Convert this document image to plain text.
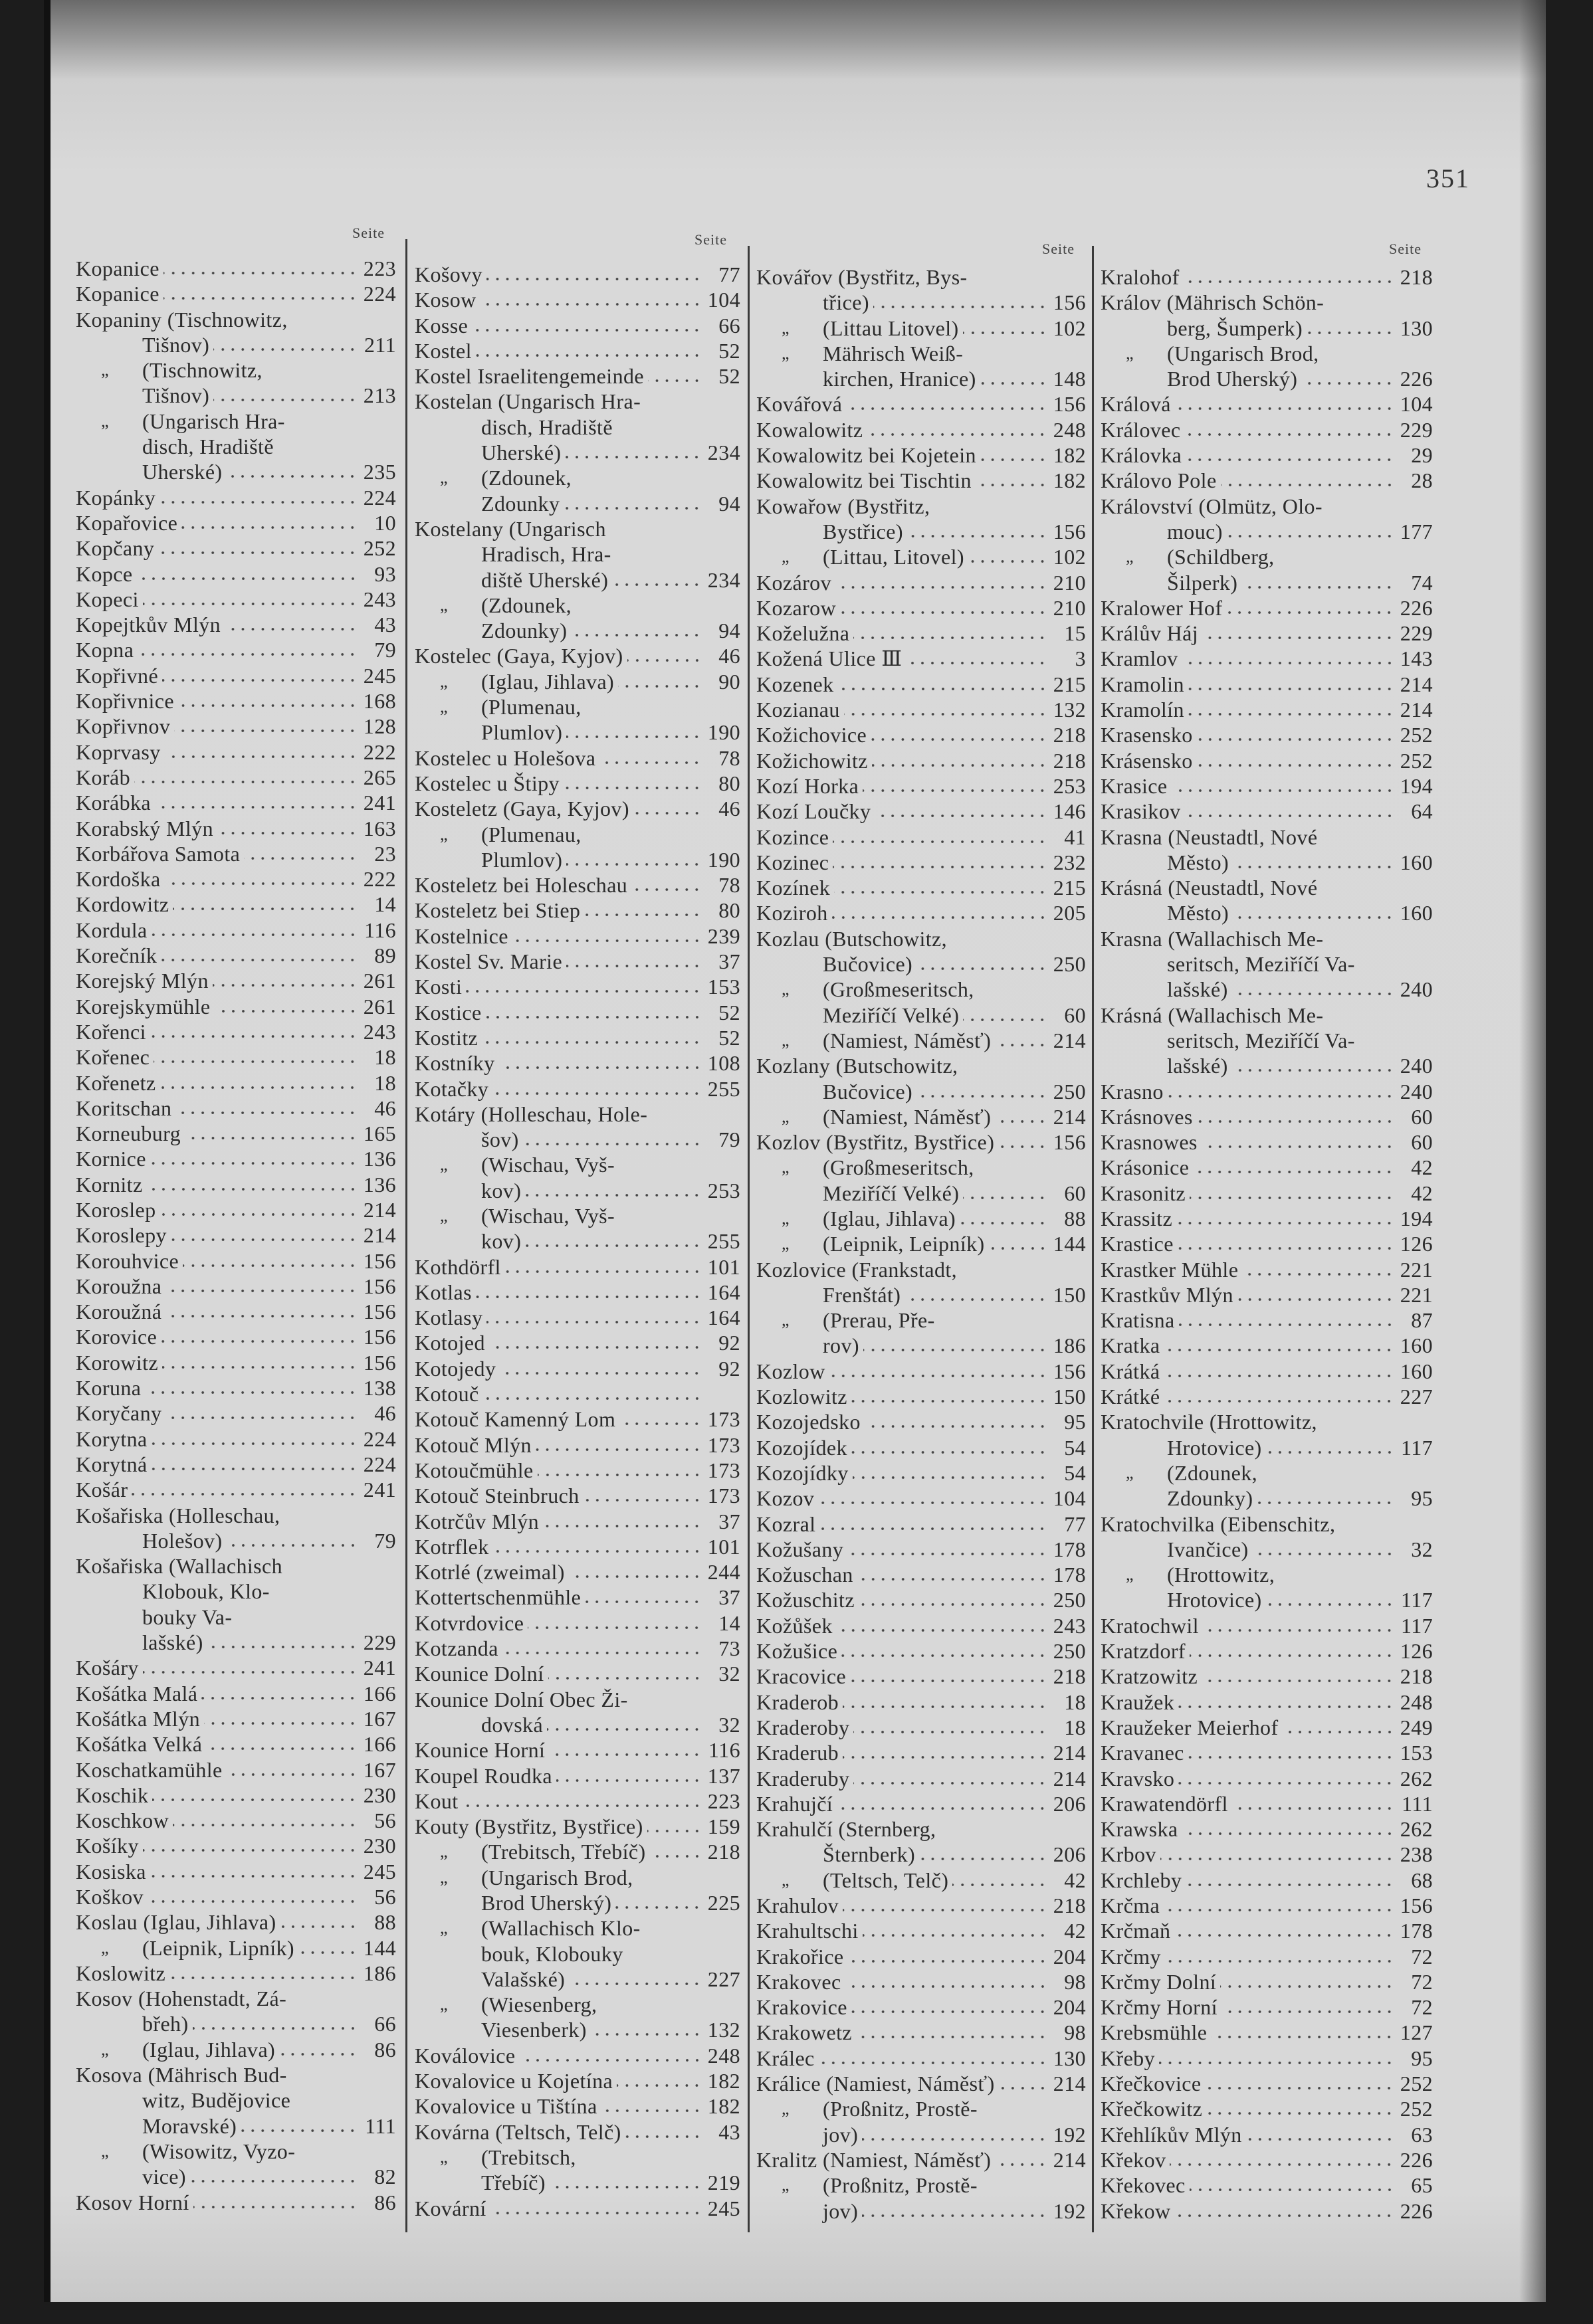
351
Seite	Seite
Seite	Seite
Kopanice	223
Kopanice	224
Kopaniny (Tischnowitz,
Tišnov)	211
„ (Tischnowitz,
Tišnov)	213
„ (Ungarisch Hra-
disch, Hradiště
Uherské)	235
Kopánky	224
Kopařovice	10
Kopčany	252
Kopce	93
Kopeci	243
Kopejtkův Mlýn	43
Kopna	79
Kopřivné	245
Kopřivnice	168
Kopřivnov	128
Koprvasy	222
Koráb	265
Korábka	241
Korabský Mlýn	163
Korbářova Samota	23
Kordoška	222
Kordowitz	14
Kordula	116
Korečník	89
Korejský Mlýn	261
Korejskymühle	261
Kořenci	243
Kořenec	18
Kořenetz	18
Koritschan	46
Korneuburg	165
Kornice	136
Kornitz	136
Koroslep	214
Koroslepy	214
Korouhvice	156
Koroužna	156
Koroužná	156
Korovice	156
Korowitz	156
Koruna	138
Koryčany	46
Korytna	224
Korytná	224
Košár	241
Košařiska (Holleschau,
Holešov)	79
Košařiska (Wallachisch
Klobouk, Klo-
bouky Va-
lašské)	229
Košáry	241
Košátka Malá	166
Košátka Mlýn	167
Košátka Velká	166
Koschatkamühle	167
Koschik	230
Koschkow	56
Košíky	230
Kosiska	245
Koškov	56
Koslau (Iglau, Jihlava)	88
„ (Leipnik, Lipník)	144
Koslowitz	186
Kosov (Hohenstadt, Zá-
břeh)	66
„ (Iglau, Jihlava)	86
Kosova (Mährisch Bud-
witz, Budějovice
Moravské)	111
„ (Wisowitz, Vyzo-
vice)	82
Kosov Horní	86
Košovy	77
Kosow	104
Kosse	66
Kostel	52
Kostel Israelitengemeinde	52
Kostelan (Ungarisch Hra-
disch, Hradiště
Uherské)	234
„ (Zdounek,
Zdounky	94
Kostelany (Ungarisch
Hradisch, Hra-
diště Uherské)	234
„ (Zdounek,
Zdounky)	94
Kostelec (Gaya, Kyjov)	46
„ (Iglau, Jihlava)	90
„ (Plumenau,
Plumlov)	190
Kostelec u Holešova	78
Kostelec u Štipy	80
Kosteletz (Gaya, Kyjov)	46
„ (Plumenau,
Plumlov)	190
Kosteletz bei Holeschau	78
Kosteletz bei Stiep	80
Kostelnice	239
Kostel Sv. Marie	37
Kosti	153
Kostice	52
Kostitz	52
Kostníky	108
Kotačky	255
Kotáry (Holleschau, Hole-
šov)	79
„ (Wischau, Vyš-
kov)	253
„ (Wischau, Vyš-
kov)	255
Kothdörfl	101
Kotlas	164
Kotlasy	164
Kotojed	92
Kotojedy	92
Kotouč
Kotouč Kamenný Lom	173
Kotouč Mlýn	173
Kotoučmühle	173
Kotouč Steinbruch	173
Kotrčův Mlýn	37
Kotrflek	101
Kotrlé (zweimal)	244
Kottertschenmühle	37
Kotvrdovice	14
Kotzanda	73
Kounice Dolní	32
Kounice Dolní Obec Ži-
dovská	32
Kounice Horní	116
Koupel Roudka	137
Kout	223
Kouty (Bystřitz, Bystřice)	159
„ (Trebitsch, Třebíč)	218
„ (Ungarisch Brod,
Brod Uherský)	225
„ (Wallachisch Klo-
bouk, Klobouky
Valašské)	227
„ (Wiesenberg,
Viesenberk)	132
Koválovice	248
Kovalovice u Kojetína	182
Kovalovice u Tištína	182
Kovárna (Teltsch, Telč)	43
„ (Trebitsch,
Třebíč)	219
Kovární	245
Kovářov (Bystřitz, Bys-
třice)	156
„ (Littau Litovel)	102
„ Mährisch Weiß-
kirchen, Hranice)	148
Kovářová	156
Kowalowitz	248
Kowalowitz bei Kojetein	182
Kowalowitz bei Tischtin	182
Kowařow (Bystřitz,
Bystřice)	156
„ (Littau, Litovel)	102
Kozárov	210
Kozarow	210
Koželužna	15
Kožená Ulice Ⅲ	3
Kozenek	215
Kozianau	132
Kožichovice	218
Kožichowitz	218
Kozí Horka	253
Kozí Loučky	146
Kozince	41
Kozinec	232
Kozínek	215
Koziroh	205
Kozlau (Butschowitz,
Bučovice)	250
„ (Großmeseritsch,
Meziříčí Velké)	60
„ (Namiest, Náměsť)	214
Kozlany (Butschowitz,
Bučovice)	250
„ (Namiest, Náměsť)	214
Kozlov (Bystřitz, Bystřice)	156
„ (Großmeseritsch,
Meziříčí Velké)	60
„ (Iglau, Jihlava)	88
„ (Leipnik, Leipník)	144
Kozlovice (Frankstadt,
Frenštát)	150
„ (Prerau, Pře-
rov)	186
Kozlow	156
Kozlowitz	150
Kozojedsko	95
Kozojídek	54
Kozojídky	54
Kozov	104
Kozral	77
Kožušany	178
Kožuschan	178
Kožuschitz	250
Kožůšek	243
Kožušice	250
Kracovice	218
Kraderob	18
Kraderoby	18
Kraderub	214
Kraderuby	214
Krahujčí	206
Krahulčí (Sternberg,
Šternberk)	206
„ (Teltsch, Telč)	42
Krahulov	218
Krahultschi	42
Krakořice	204
Krakovec	98
Krakovice	204
Krakowetz	98
Králec	130
Králice (Namiest, Náměsť)	214
„ (Proßnitz, Prostě-
jov)	192
Kralitz (Namiest, Náměsť)	214
„ (Proßnitz, Prostě-
jov)	192
Kralohof	218
Králov (Mährisch Schön-
berg, Šumperk)	130
„ (Ungarisch Brod,
Brod Uherský)	226
Králová	104
Královec	229
Královka	29
Královo Pole	28
Království (Olmütz, Olo-
mouc)	177
„ (Schildberg,
Šilperk)	74
Kralower Hof	226
Králův Háj	229
Kramlov	143
Kramolin	214
Kramolín	214
Krasensko	252
Krásensko	252
Krasice	194
Krasikov	64
Krasna (Neustadtl, Nové
Město)	160
Krásná (Neustadtl, Nové
Město)	160
Krasna (Wallachisch Me-
seritsch, Meziříčí Va-
lašské)	240
Krásná (Wallachisch Me-
seritsch, Meziříčí Va-
lašské)	240
Krasno	240
Krásnoves	60
Krasnowes	60
Krásonice	42
Krasonitz	42
Krassitz	194
Krastice	126
Krastker Mühle	221
Krastkův Mlýn	221
Kratisna	87
Kratka	160
Krátká	160
Krátké	227
Kratochvile (Hrottowitz,
Hrotovice)	117
„ (Zdounek,
Zdounky)	95
Kratochvilka (Eibenschitz,
Ivančice)	32
„ (Hrottowitz,
Hrotovice)	117
Kratochwil	117
Kratzdorf	126
Kratzowitz	218
Kraužek	248
Kraužeker Meierhof	249
Kravanec	153
Kravsko	262
Krawatendörfl	111
Krawska	262
Krbov	238
Krchleby	68
Krčma	156
Krčmaň	178
Krčmy	72
Krčmy Dolní	72
Krčmy Horní	72
Krebsmühle	127
Křeby	95
Křečkovice	252
Křečkowitz	252
Křehlíkův Mlýn	63
Křekov	226
Křekovec	65
Křekow	226
